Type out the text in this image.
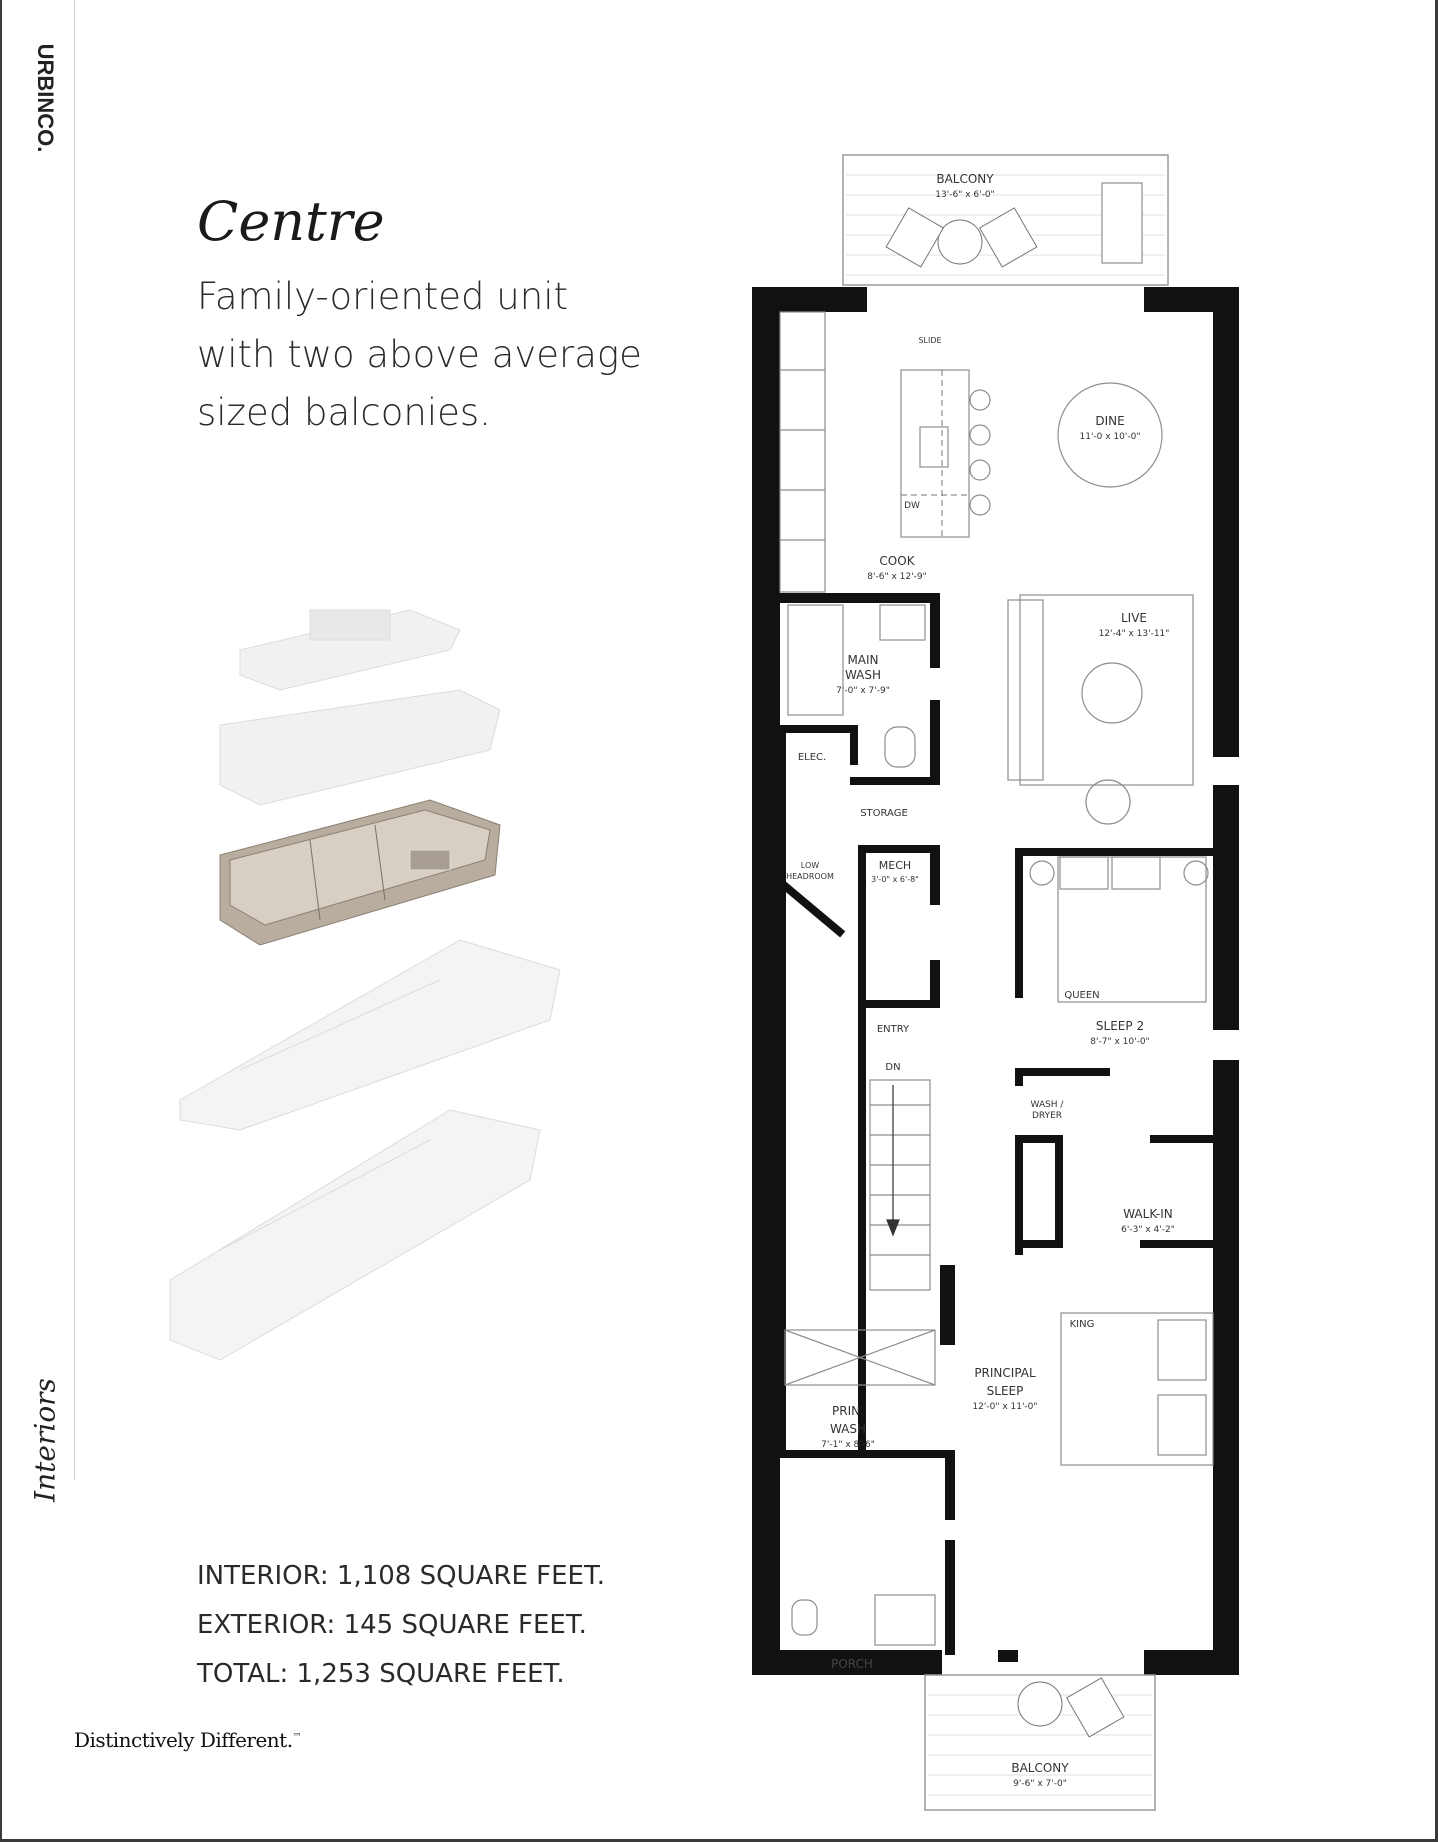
URBINCO.
Interiors
Centre

Family-oriented unit with two above average sized balconies.

BALCONY
13'-6" x 6'-0"
SLIDE
DINE
11'-0 x 10'-0"
DW
COOK
8'-6" x 12'-9"
LIVE
12'-4" x 13'-11"
MAIN
WASH
7'-0" x 7'-9"
ELEC.
STORAGE
LOW
HEADROOM
MECH
3'-0" x 6'-8"
QUEEN
SLEEP 2
8'-7" x 10'-0"
ENTRY
DN
WASH /
DRYER
WALK-IN
6'-3" x 4'-2"
KING
PRINCIPAL
SLEEP
12'-0" x 11'-0"
PRIN.
WASH
7'-1" x 8'-6"
PORCH
BALCONY
9'-6" x 7'-0"
INTERIOR: 1,108 SQUARE FEET.
EXTERIOR: 145 SQUARE FEET.
TOTAL: 1,253 SQUARE FEET.
Distinctively Different.™
